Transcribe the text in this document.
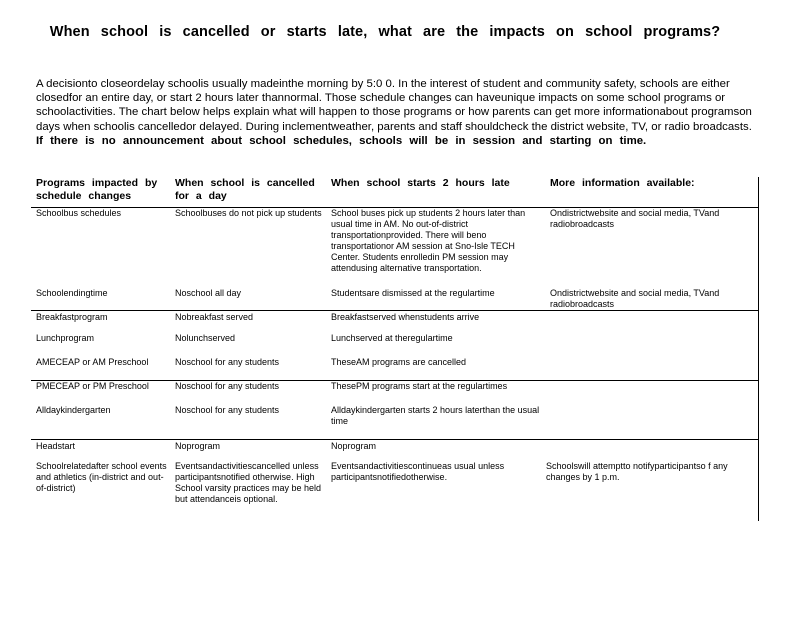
When school is cancelled or starts late, what are the impacts on school programs?
A decisionto closeordelay schoolis usually madeinthe morning by 5:0 0. In the interest of student and community safety, schools are either closedfor an entire day, or start 2 hours later thannormal. Those schedule changes can haveunique impacts on some school programs or schoolactivities. The chart below helps explain what will happen to those programs or how parents can get more informationabout programson days when schoolis cancelledor delayed. During inclementweather, parents and staff shouldcheck the district website, TV, or radio broadcasts. If there is no announcement about school schedules, schools will be in session and starting on time.
Programs impacted by schedule changes	When school is cancelled for a day	When school starts 2 hours late	More information available:
Schoolbus schedules	Schoolbuses do not pick up students	School buses pick up students 2 hours later than usual time in AM. No out-of-district transportationprovided. There will beno transportationor AM session at Sno-Isle TECH Center. Students enrolledin PM session may attendusing alternative transportation.	Ondistrictwebsite and social media, TVand radiobroadcasts
Schoolendingtime	Noschool all day	Studentsare dismissed at the regulartime	Ondistrictwebsite and social media, TVand radiobroadcasts
Breakfastprogram	Nobreakfast served	Breakfastserved whenstudents arrive	
Lunchprogram	Nolunchserved	Lunchserved at theregulartime	
AMECEAP or AM Preschool	Noschool for any students	TheseAM programs are cancelled	
PMECEAP or PM Preschool	Noschool for any students	ThesePM programs start at the regulartimes	
Alldaykindergarten	Noschool for any students	Alldaykindergarten starts 2 hours laterthan the usual time	
Headstart	Noprogram	Noprogram	
Schoolrelatedafter school events and athletics (in-district and out-of-district)	Eventsandactivitiescancelled unless participantsnotified otherwise. High School varsity practices may be held but attendanceis optional.	Eventsandactivitiescontinueas usual unless participantsnotifiedotherwise.	Schoolswill attemptto notifyparticipantso f any changes by 1 p.m.
